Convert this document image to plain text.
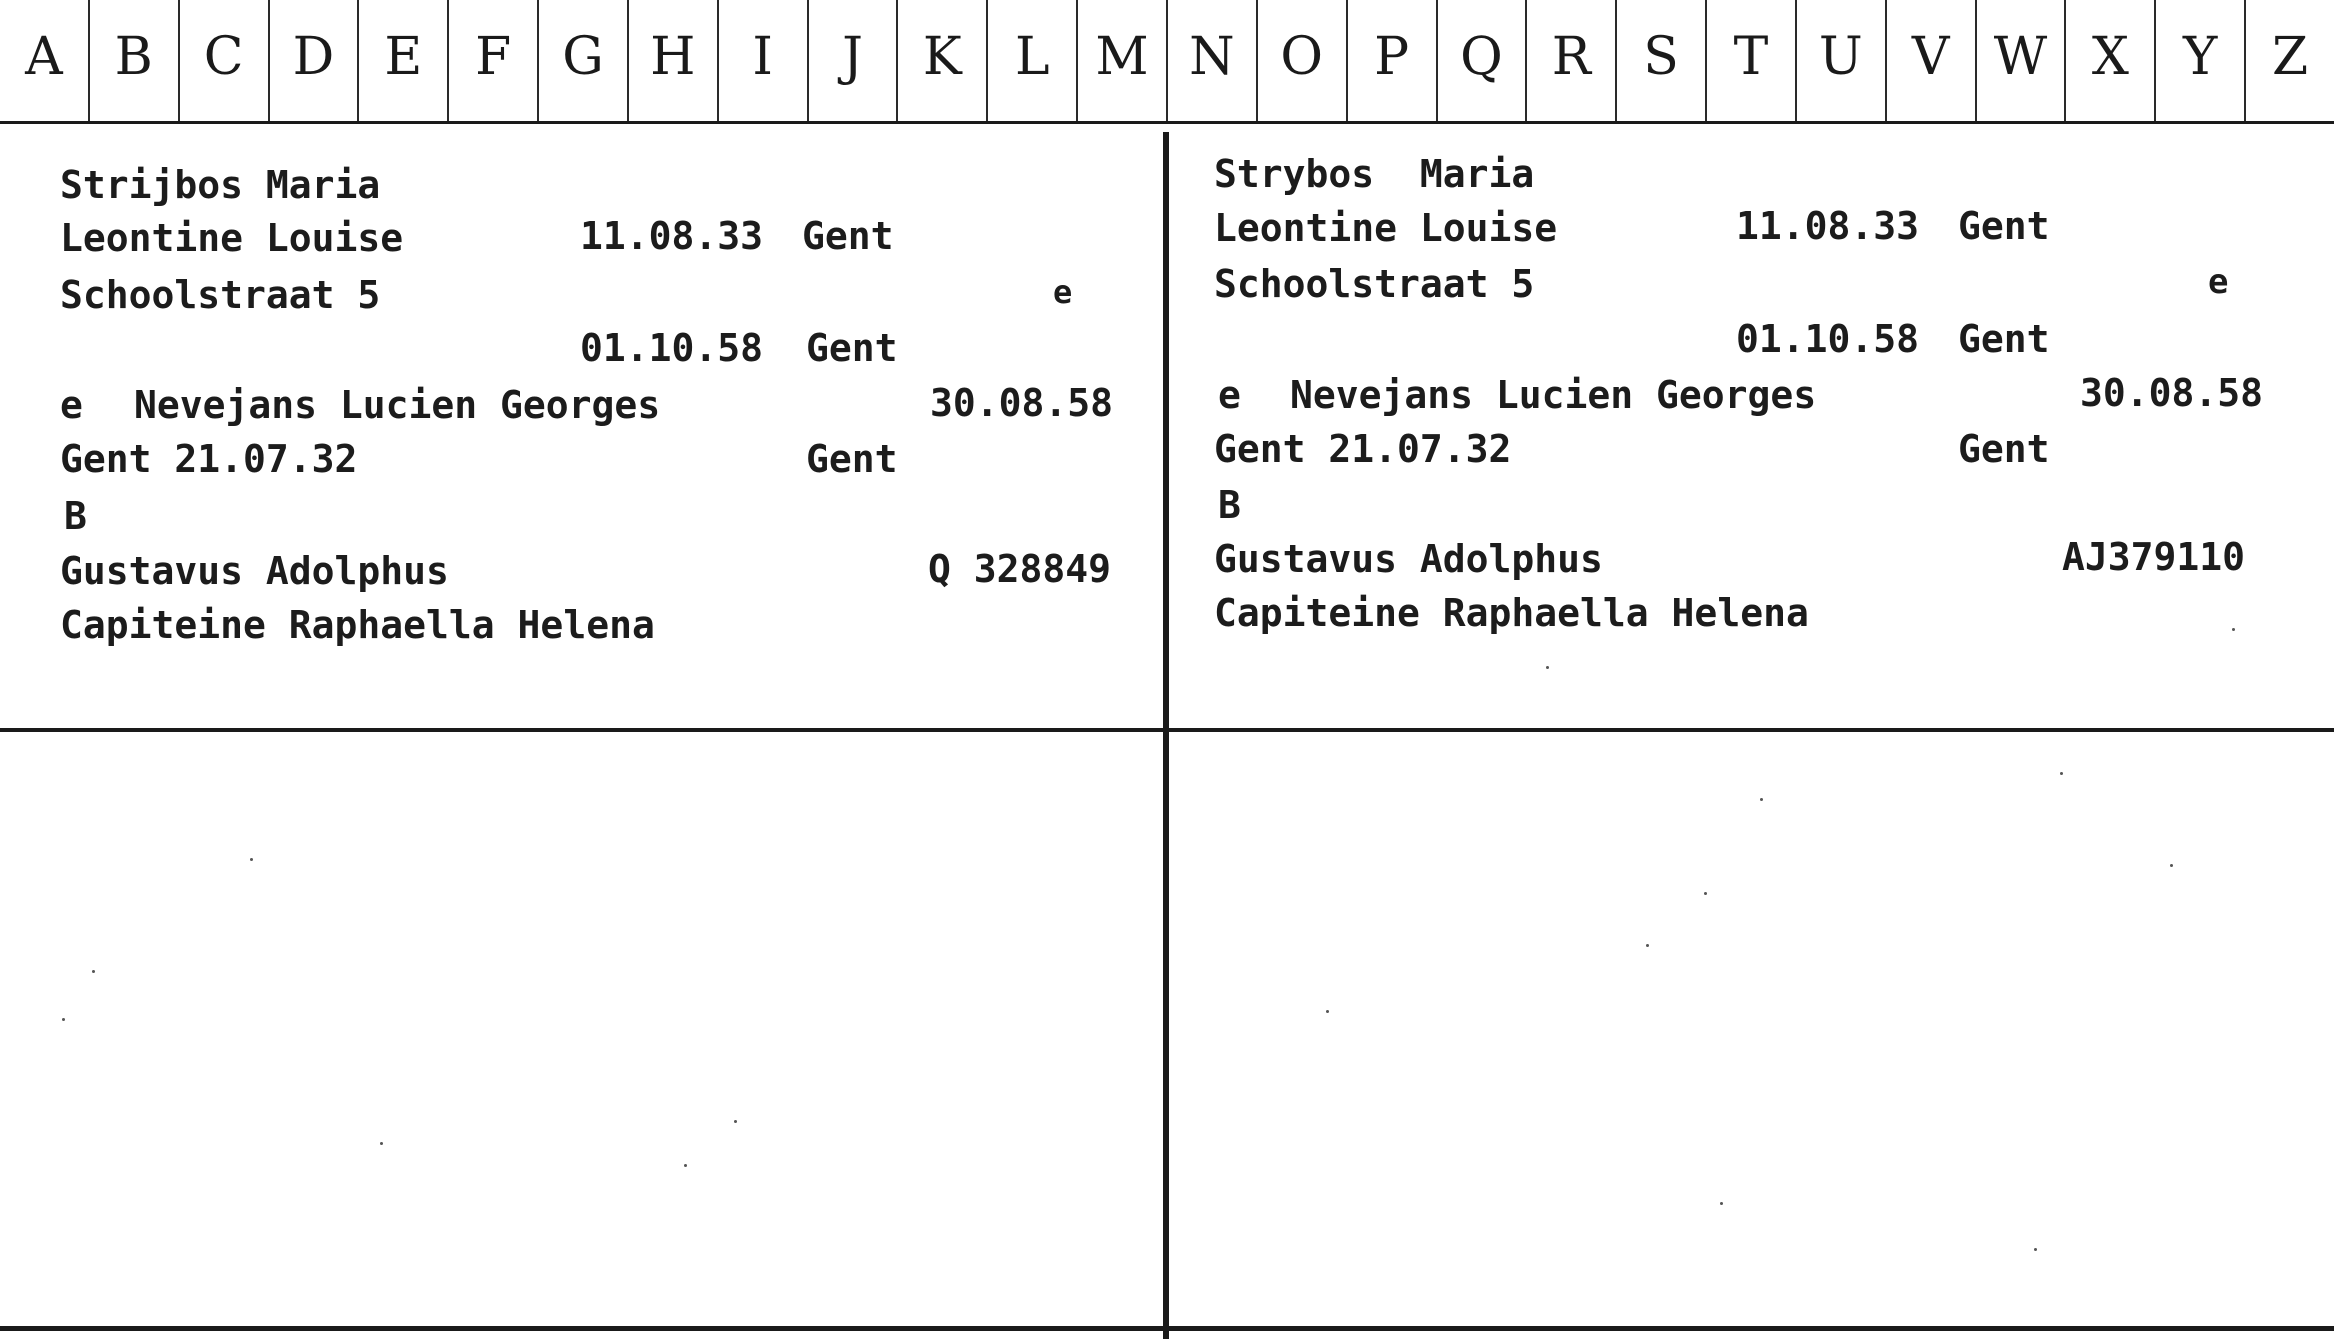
A B C D E	F G H	I	J	K	L M N O P Q R	S	T U V W X	Y	Z
Strijbos Maria
Leontine Louise	11.08.33 Gent
Schoolstraat 5	e
01.10.58 Gent
e Nevejans Lucien Georges	30.08.58
Gent 21.07.32	Gent
B
Gustavus Adolphus	Q 328849
Capiteine Raphaella Helena
Strybos  Maria
Leontine Louise	11.08.33 Gent
Schoolstraat 5	e
01.10.58 Gent
e Nevejans Lucien Georges	30.08.58
Gent 21.07.32	Gent
B
Gustavus Adolphus	AJ379110
Capiteine Raphaella Helena
